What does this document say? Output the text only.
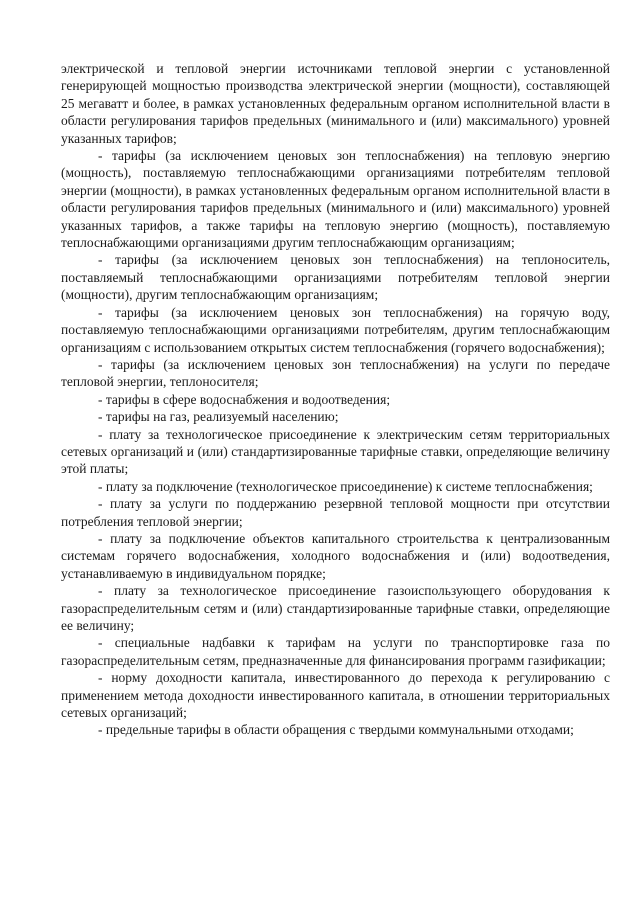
электрической и тепловой энергии источниками тепловой энергии с установленной генерирующей мощностью производства электрической энергии (мощности), составляющей 25 мегаватт и более, в рамках установленных федеральным органом исполнительной власти в области регулирования тарифов предельных (минимального и (или) максимального) уровней указанных тарифов;

- тарифы (за исключением ценовых зон теплоснабжения) на тепловую энергию (мощность), поставляемую теплоснабжающими организациями потребителям тепловой энергии (мощности), в рамках установленных федеральным органом исполнительной власти в области регулирования тарифов предельных (минимального и (или) максимального) уровней указанных тарифов, а также тарифы на тепловую энергию (мощность), поставляемую теплоснабжающими организациями другим теплоснабжающим организациям;

- тарифы (за исключением ценовых зон теплоснабжения) на теплоноситель, поставляемый теплоснабжающими организациями потребителям тепловой энергии (мощности), другим теплоснабжающим организациям;

- тарифы (за исключением ценовых зон теплоснабжения) на горячую воду, поставляемую теплоснабжающими организациями потребителям, другим теплоснабжающим организациям с использованием открытых систем теплоснабжения (горячего водоснабжения);

- тарифы (за исключением ценовых зон теплоснабжения) на услуги по передаче тепловой энергии, теплоносителя;

- тарифы в сфере водоснабжения и водоотведения;

- тарифы на газ, реализуемый населению;

- плату за технологическое присоединение к электрическим сетям территориальных сетевых организаций и (или) стандартизированные тарифные ставки, определяющие величину этой платы;

- плату за подключение (технологическое присоединение) к системе теплоснабжения;

- плату за услуги по поддержанию резервной тепловой мощности при отсутствии потребления тепловой энергии;

- плату за подключение объектов капитального строительства к централизованным системам горячего водоснабжения, холодного водоснабжения и (или) водоотведения, устанавливаемую в индивидуальном порядке;

- плату за технологическое присоединение газоиспользующего оборудования к газораспределительным сетям и (или) стандартизированные тарифные ставки, определяющие ее величину;

- специальные надбавки к тарифам на услуги по транспортировке газа по газораспределительным сетям, предназначенные для финансирования программ газификации;

- норму доходности капитала, инвестированного до перехода к регулированию с применением метода доходности инвестированного капитала, в отношении территориальных сетевых организаций;

- предельные тарифы в области обращения с твердыми коммунальными отходами;
